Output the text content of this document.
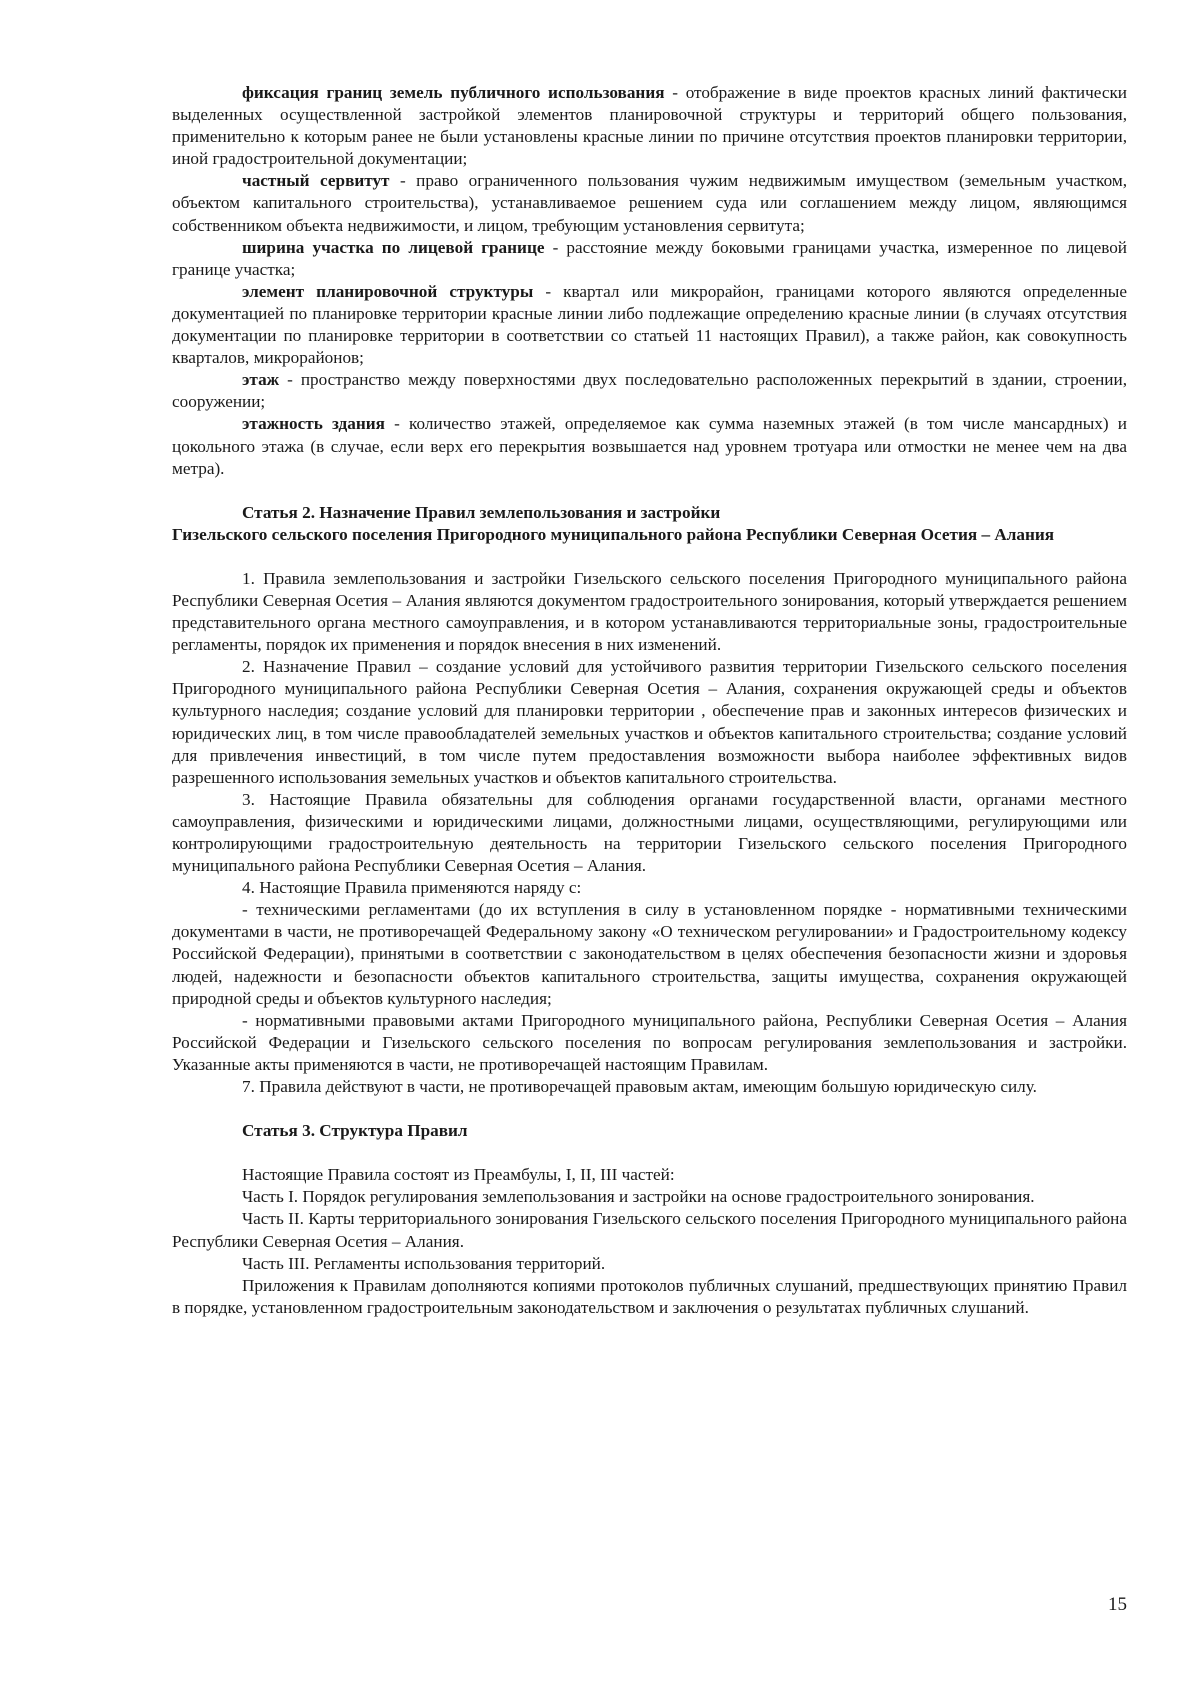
фиксация границ земель публичного использования - отображение в виде проектов красных линий фактически выделенных осуществленной застройкой элементов планировочной структуры и территорий общего пользования, применительно к которым ранее не были установлены красные линии по причине отсутствия проектов планировки территории, иной градостроительной документации;

частный сервитут - право ограниченного пользования чужим недвижимым имуществом (земельным участком, объектом капитального строительства), устанавливаемое решением суда или соглашением между лицом, являющимся собственником объекта недвижимости, и лицом, требующим установления сервитута;

ширина участка по лицевой границе - расстояние между боковыми границами участка, измеренное по лицевой границе участка;

элемент планировочной структуры - квартал или микрорайон, границами которого являются определенные документацией по планировке территории красные линии либо подлежащие определению красные линии (в случаях отсутствия документации по планировке территории в соответствии со статьей 11 настоящих Правил), а также район, как совокупность кварталов, микрорайонов;

этаж - пространство между поверхностями двух последовательно расположенных перекрытий в здании, строении, сооружении;

этажность здания - количество этажей, определяемое как сумма наземных этажей (в том числе мансардных) и цокольного этажа (в случае, если верх его перекрытия возвышается над уровнем тротуара или отмостки не менее чем на два метра).

Статья 2. Назначение Правил землепользования и застройки
Гизельского сельского поселения Пригородного муниципального района Республики Северная Осетия – Алания

1. Правила землепользования и застройки Гизельского сельского поселения Пригородного муниципального района Республики Северная Осетия – Алания являются документом градостроительного зонирования, который утверждается решением представительного органа местного самоуправления, и в котором устанавливаются территориальные зоны, градостроительные регламенты, порядок их применения и порядок внесения в них изменений.

2. Назначение Правил – создание условий для устойчивого развития территории Гизельского сельского поселения Пригородного муниципального района Республики Северная Осетия – Алания, сохранения окружающей среды и объектов культурного наследия; создание условий для планировки территории , обеспечение прав и законных интересов физических и юридических лиц, в том числе правообладателей земельных участков и объектов капитального строительства; создание условий для привлечения инвестиций, в том числе путем предоставления возможности выбора наиболее эффективных видов разрешенного использования земельных участков и объектов капитального строительства.

3. Настоящие Правила обязательны для соблюдения органами государственной власти, органами местного самоуправления, физическими и юридическими лицами, должностными лицами, осуществляющими, регулирующими или контролирующими градостроительную деятельность на территории Гизельского сельского поселения Пригородного муниципального района Республики Северная Осетия – Алания.

4. Настоящие Правила применяются наряду с:

- техническими регламентами (до их вступления в силу в установленном порядке - нормативными техническими документами в части, не противоречащей Федеральному закону «О техническом регулировании» и Градостроительному кодексу Российской Федерации), принятыми в соответствии с законодательством в целях обеспечения безопасности жизни и здоровья людей, надежности и безопасности объектов капитального строительства, защиты имущества, сохранения окружающей природной среды и объектов культурного наследия;

- нормативными правовыми актами Пригородного муниципального района, Республики Северная Осетия – Алания Российской Федерации и Гизельского сельского поселения по вопросам регулирования землепользования и застройки. Указанные акты применяются в части, не противоречащей настоящим Правилам.

7. Правила действуют в части, не противоречащей правовым актам, имеющим большую юридическую силу.

Статья 3. Структура Правил

Настоящие Правила состоят из Преамбулы, I, II, III частей:

Часть I. Порядок регулирования землепользования и застройки на основе градостроительного зонирования.

Часть II. Карты территориального зонирования Гизельского сельского поселения Пригородного муниципального района Республики Северная Осетия – Алания.

Часть III. Регламенты использования территорий.

Приложения к Правилам дополняются копиями протоколов публичных слушаний, предшествующих принятию Правил в порядке, установленном градостроительным законодательством и заключения о результатах публичных слушаний.

15
